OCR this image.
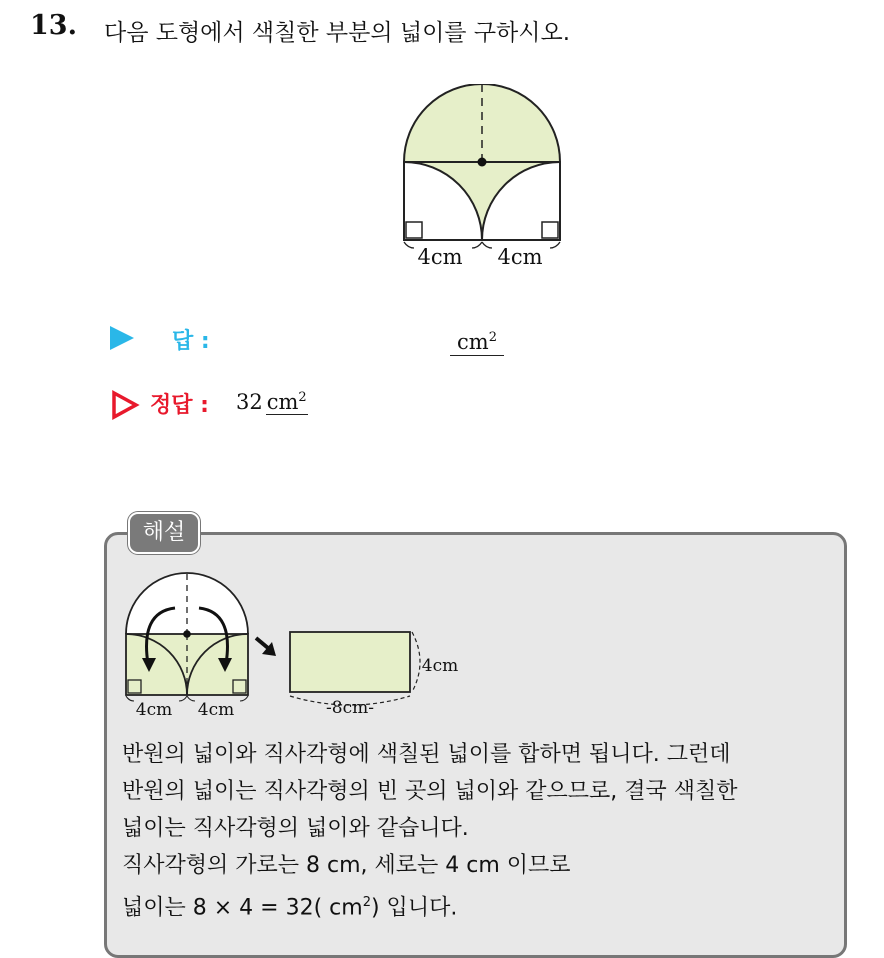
13. 다음 도형에서 색칠한 부분의 넓이를 구하시오.
4cm 4cm
답 :	$cm^2$
정답 : 32 $cm^2$
해설
4cm 4cm
4cm
-8cm-
반원의 넓이와 직사각형에 색칠된 넓이를 합하면 됩니다. 그런데
반원의 넓이는 직사각형의 빈 곳의 넓이와 같으므로, 결국 색칠한
넓이는 직사각형의 넓이와 같습니다.
직사각형의 가로는 8 cm, 세로는 4 cm 이므로
넓이는 8 × 4 = 32( $cm^2$) 입니다.
